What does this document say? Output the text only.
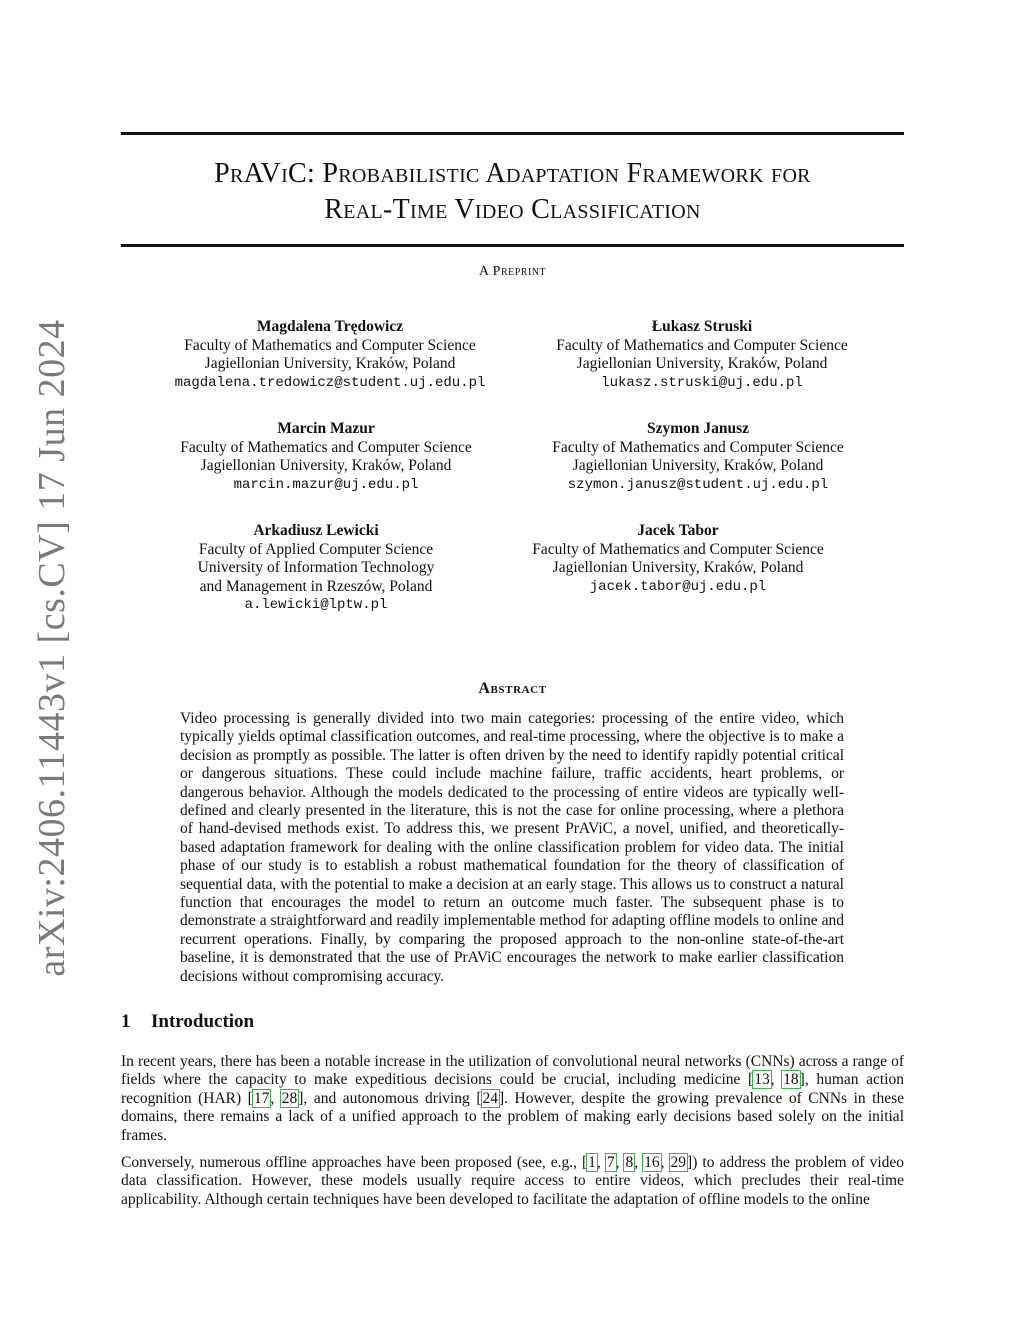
arXiv:2406.11443v1 [cs.CV] 17 Jun 2024
PrAViC: Probabilistic Adaptation Framework for
Real-Time Video Classification
A Preprint
Magdalena Trędowicz
Faculty of Mathematics and Computer Science
Jagiellonian University, Kraków, Poland
magdalena.tredowicz@student.uj.edu.pl
Łukasz Struski
Faculty of Mathematics and Computer Science
Jagiellonian University, Kraków, Poland
lukasz.struski@uj.edu.pl
Marcin Mazur
Faculty of Mathematics and Computer Science
Jagiellonian University, Kraków, Poland
marcin.mazur@uj.edu.pl
Szymon Janusz
Faculty of Mathematics and Computer Science
Jagiellonian University, Kraków, Poland
szymon.janusz@student.uj.edu.pl
Arkadiusz Lewicki
Faculty of Applied Computer Science
University of Information Technology
and Management in Rzeszów, Poland
a.lewicki@lptw.pl
Jacek Tabor
Faculty of Mathematics and Computer Science
Jagiellonian University, Kraków, Poland
jacek.tabor@uj.edu.pl
Abstract
Video processing is generally divided into two main categories: processing of the entire video, which typically yields optimal classification outcomes, and real-time processing, where the objective is to make a decision as promptly as possible. The latter is often driven by the need to identify rapidly potential critical or dangerous situations. These could include machine failure, traffic accidents, heart problems, or dangerous behavior. Although the models dedicated to the processing of entire videos are typically well-defined and clearly presented in the literature, this is not the case for online processing, where a plethora of hand-devised methods exist. To address this, we present PrAViC, a novel, unified, and theoretically-based adaptation framework for dealing with the online classification problem for video data. The initial phase of our study is to establish a robust mathematical foundation for the theory of classification of sequential data, with the potential to make a decision at an early stage. This allows us to construct a natural function that encourages the model to return an outcome much faster. The subsequent phase is to demonstrate a straightforward and readily implementable method for adapting offline models to online and recurrent operations. Finally, by comparing the proposed approach to the non-online state-of-the-art baseline, it is demonstrated that the use of PrAViC encourages the network to make earlier classification decisions without compromising accuracy.
1 Introduction
In recent years, there has been a notable increase in the utilization of convolutional neural networks (CNNs) across a range of fields where the capacity to make expeditious decisions could be crucial, including medicine [13, 18], human action recognition (HAR) [17, 28], and autonomous driving [24]. However, despite the growing prevalence of CNNs in these domains, there remains a lack of a unified approach to the problem of making early decisions based solely on the initial frames.
Conversely, numerous offline approaches have been proposed (see, e.g., [1, 7, 8, 16, 29]) to address the problem of video data classification. However, these models usually require access to entire videos, which precludes their real-time applicability. Although certain techniques have been developed to facilitate the adaptation of offline models to the online
